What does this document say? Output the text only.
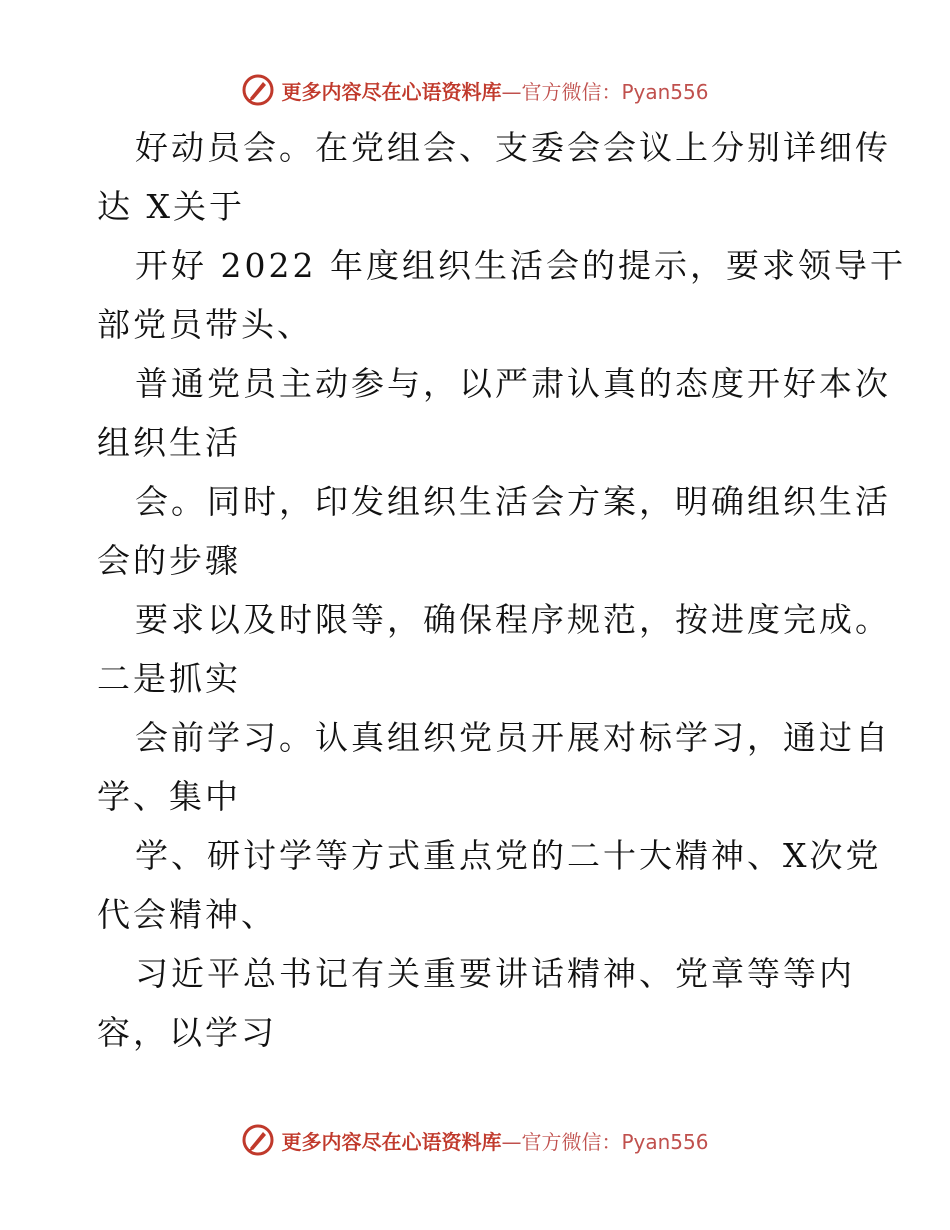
更多内容尽在心语资料库—官方微信：Pyan556
好动员会。在党组会、支委会会议上分别详细传
达 X关于
开好 2022 年度组织生活会的提示，要求领导干
部党员带头、
普通党员主动参与，以严肃认真的态度开好本次
组织生活
会。同时，印发组织生活会方案，明确组织生活
会的步骤
要求以及时限等，确保程序规范，按进度完成。
二是抓实
会前学习。认真组织党员开展对标学习，通过自
学、集中
学、研讨学等方式重点党的二十大精神、X次党
代会精神、
习近平总书记有关重要讲话精神、党章等等内
容，以学习
更多内容尽在心语资料库—官方微信：Pyan556
